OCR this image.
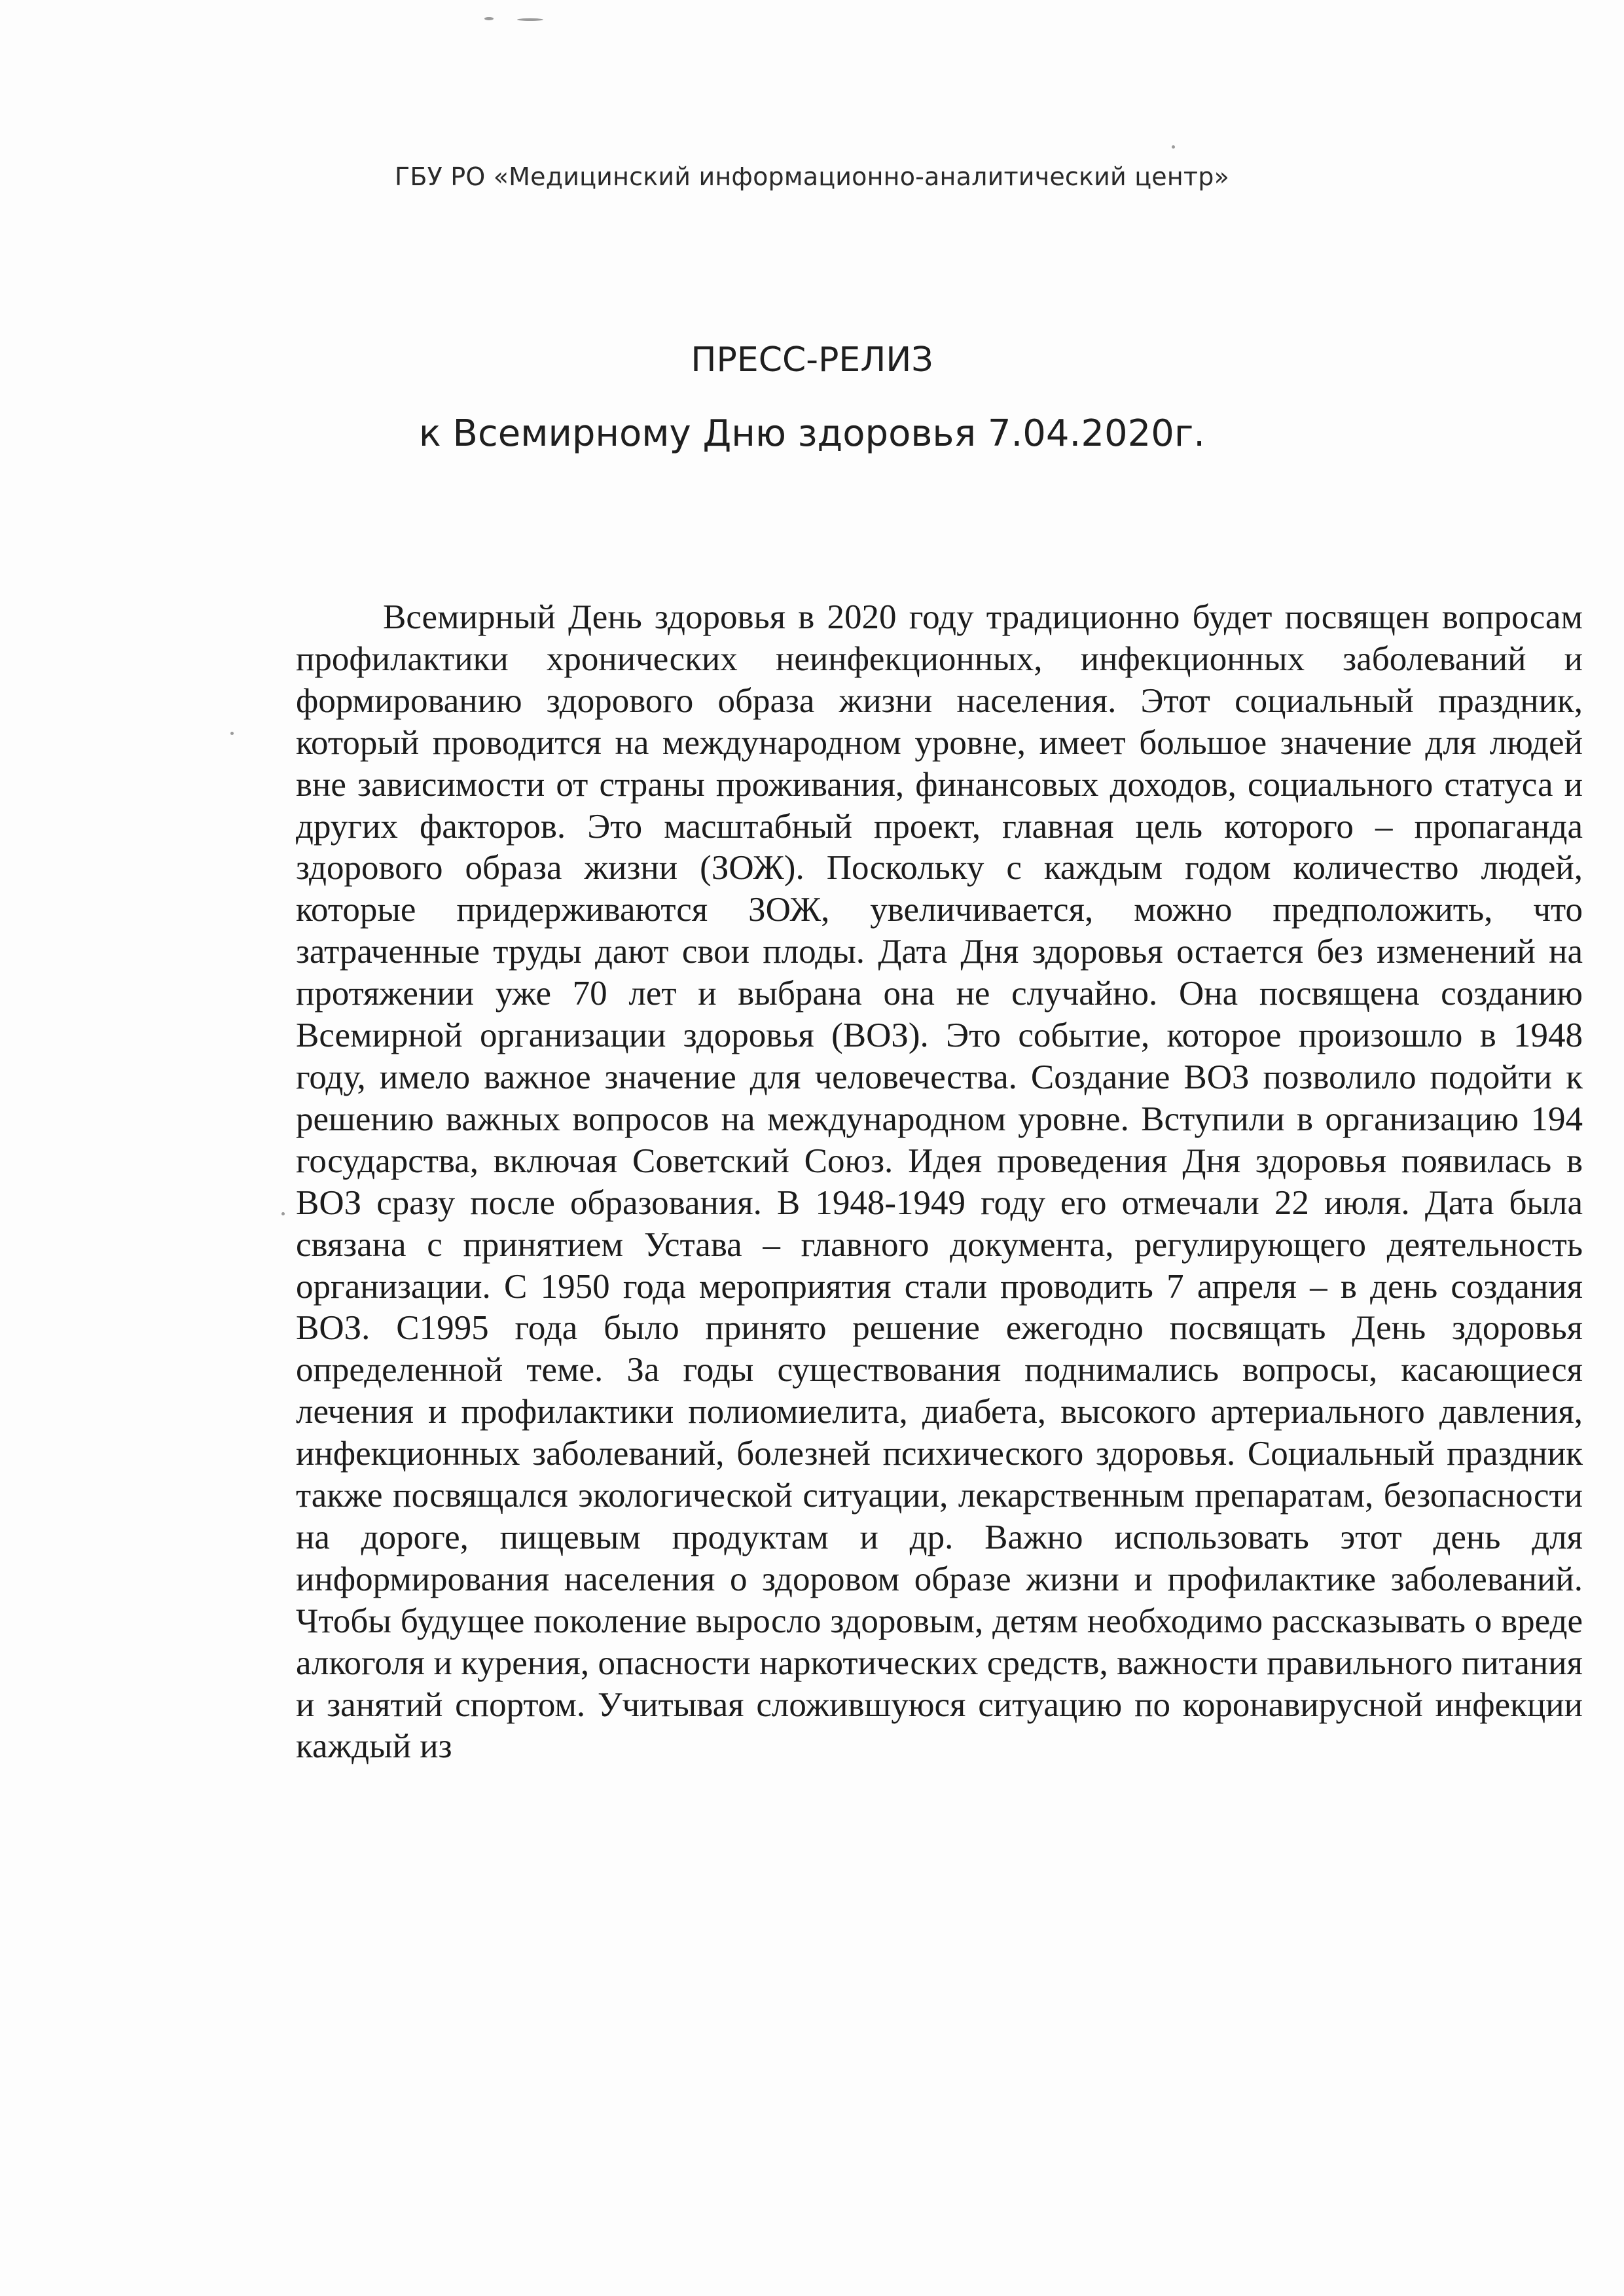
ГБУ РО «Медицинский информационно-аналитический центр»
ПРЕСС-РЕЛИЗ
к Всемирному Дню здоровья 7.04.2020г.

Всемирный День здоровья в 2020 году традиционно будет посвящен вопросам профилактики хронических неинфекционных, инфекционных заболеваний и формированию здорового образа жизни населения. Этот социальный праздник, который проводится на международном уровне, имеет большое значение для людей вне зависимости от страны проживания, финансовых доходов, социального статуса и других факторов. Это масштабный проект, главная цель которого – пропаганда здорового образа жизни (ЗОЖ). Поскольку с каждым годом количество людей, которые придерживаются ЗОЖ, увеличивается, можно предположить, что затраченные труды дают свои плоды. Дата Дня здоровья остается без изменений на протяжении уже 70 лет и выбрана она не случайно. Она посвящена созданию Всемирной организации здоровья (ВОЗ). Это событие, которое произошло в 1948 году, имело важное значение для человечества. Создание ВОЗ позволило подойти к решению важных вопросов на международном уровне. Вступили в организацию 194 государства, включая Советский Союз. Идея проведения Дня здоровья появилась в ВОЗ сразу после образования. В 1948-1949 году его отмечали 22 июля. Дата была связана с принятием Устава – главного документа, регулирующего деятельность организации. С 1950 года мероприятия стали проводить 7 апреля – в день создания ВОЗ. С1995 года было принято решение ежегодно посвящать День здоровья определенной теме. За годы существования поднимались вопросы, касающиеся лечения и профилактики полиомиелита, диабета, высокого артериального давления, инфекционных заболеваний, болезней психического здоровья. Социальный праздник также посвящался экологической ситуации, лекарственным препаратам, безопасности на дороге, пищевым продуктам и др. Важно использовать этот день для информирования населения о здоровом образе жизни и профилактике заболеваний. Чтобы будущее поколение выросло здоровым, детям необходимо рассказывать о вреде алкоголя и курения, опасности наркотических средств, важности правильного питания и занятий спортом. Учитывая сложившуюся ситуацию по коронавирусной инфекции каждый из
